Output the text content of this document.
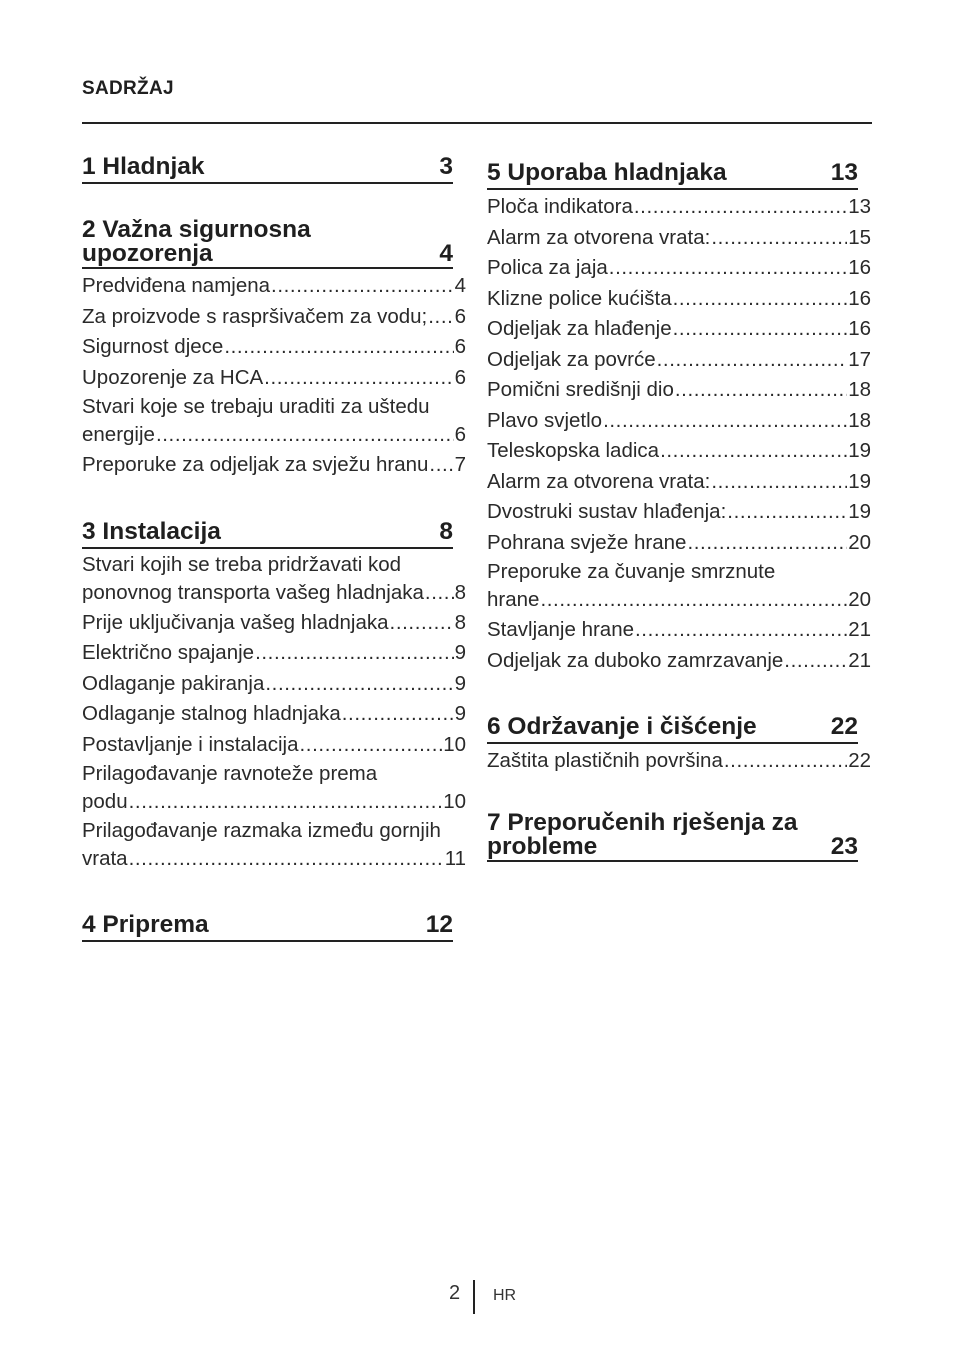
SADRŽAJ
1 Hladnjak	3
2 Važna sigurnosna
upozorenja	4
Predviđena namjena .....	4
Za proizvode s raspršivačem za vodu; ..... 6
Sigurnost djece .....	6
Upozorenje za HCA .....	6
Stvari koje se trebaju uraditi za uštedu
energije .....	6
Preporuke za odjeljak za svježu hranu ..... 7
3 Instalacija	8
Stvari kojih se treba pridržavati kod
ponovnog transporta vašeg hladnjaka ..... 8
Prije uključivanja vašeg hladnjaka .....	8
Električno spajanje .....	9
Odlaganje pakiranja .....	9
Odlaganje stalnog hladnjaka .....	9
Postavljanje i instalacija .....	10
Prilagođavanje ravnoteže prema
podu .....	10
Prilagođavanje razmaka između gornjih
vrata .....	11
4 Priprema	12
5 Uporaba hladnjaka	13
Ploča indikatora .....	13
Alarm za otvorena vrata: .....	15
Polica za jaja .....	16
Klizne police kućišta .....	16
Odjeljak za hlađenje .....	16
Odjeljak za povrće .....	17
Pomični središnji dio .....	18
Plavo svjetlo .....	18
Teleskopska ladica .....	19
Alarm za otvorena vrata: .....	19
Dvostruki sustav hlađenja: .....	19
Pohrana svježe hrane .....	20
Preporuke za čuvanje smrznute
hrane .....	20
Stavljanje hrane .....	21
Odjeljak za duboko zamrzavanje .....	21
6 Održavanje i čišćenje	22
Zaštita plastičnih površina .....	22
7 Preporučenih rješenja za
probleme	23
2 HR
